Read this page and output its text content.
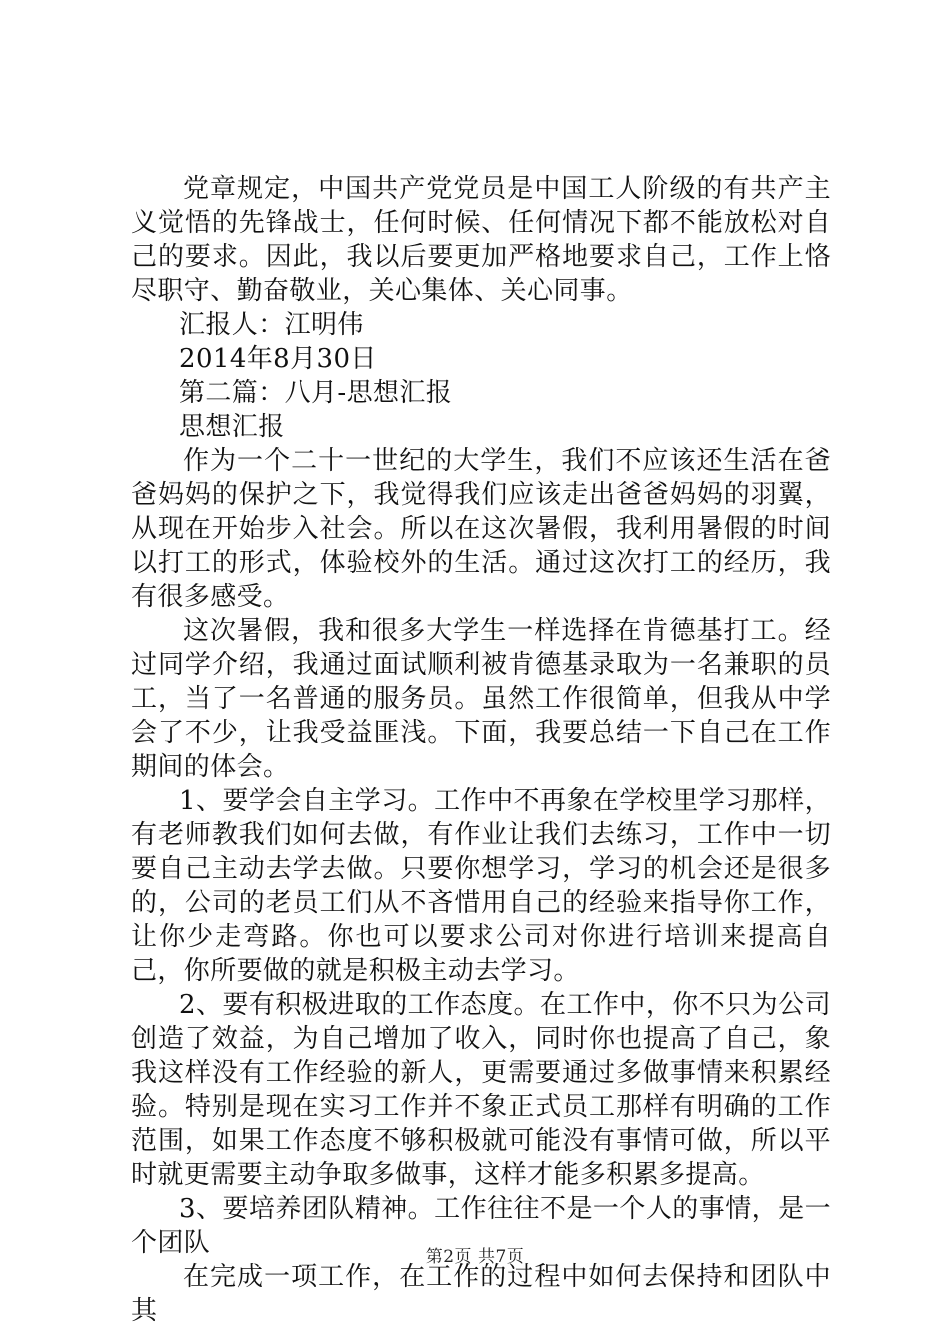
党章规定，中国共产党党员是中国工人阶级的有共产主义觉悟的先锋战士，任何时候、任何情况下都不能放松对自己的要求。因此，我以后要更加严格地要求自己，工作上恪尽职守、勤奋敬业，关心集体、关心同事。

汇报人：江明伟

2014年8月30日

第二篇：八月-思想汇报

思想汇报

作为一个二十一世纪的大学生，我们不应该还生活在爸爸妈妈的保护之下，我觉得我们应该走出爸爸妈妈的羽翼，从现在开始步入社会。所以在这次暑假，我利用暑假的时间以打工的形式，体验校外的生活。通过这次打工的经历，我有很多感受。

这次暑假，我和很多大学生一样选择在肯德基打工。经过同学介绍，我通过面试顺利被肯德基录取为一名兼职的员工，当了一名普通的服务员。虽然工作很简单，但我从中学会了不少，让我受益匪浅。下面，我要总结一下自己在工作期间的体会。

1、要学会自主学习。工作中不再象在学校里学习那样，有老师教我们如何去做，有作业让我们去练习，工作中一切要自己主动去学去做。只要你想学习，学习的机会还是很多的，公司的老员工们从不吝惜用自己的经验来指导你工作，让你少走弯路。你也可以要求公司对你进行培训来提高自己，你所要做的就是积极主动去学习。

2、要有积极进取的工作态度。在工作中，你不只为公司创造了效益，为自己增加了收入，同时你也提高了自己，象我这样没有工作经验的新人，更需要通过多做事情来积累经验。特别是现在实习工作并不象正式员工那样有明确的工作范围，如果工作态度不够积极就可能没有事情可做，所以平时就更需要主动争取多做事，这样才能多积累多提高。

3、要培养团队精神。工作往往不是一个人的事情，是一个团队

在完成一项工作，在工作的过程中如何去保持和团队中其

第2页 共7页
